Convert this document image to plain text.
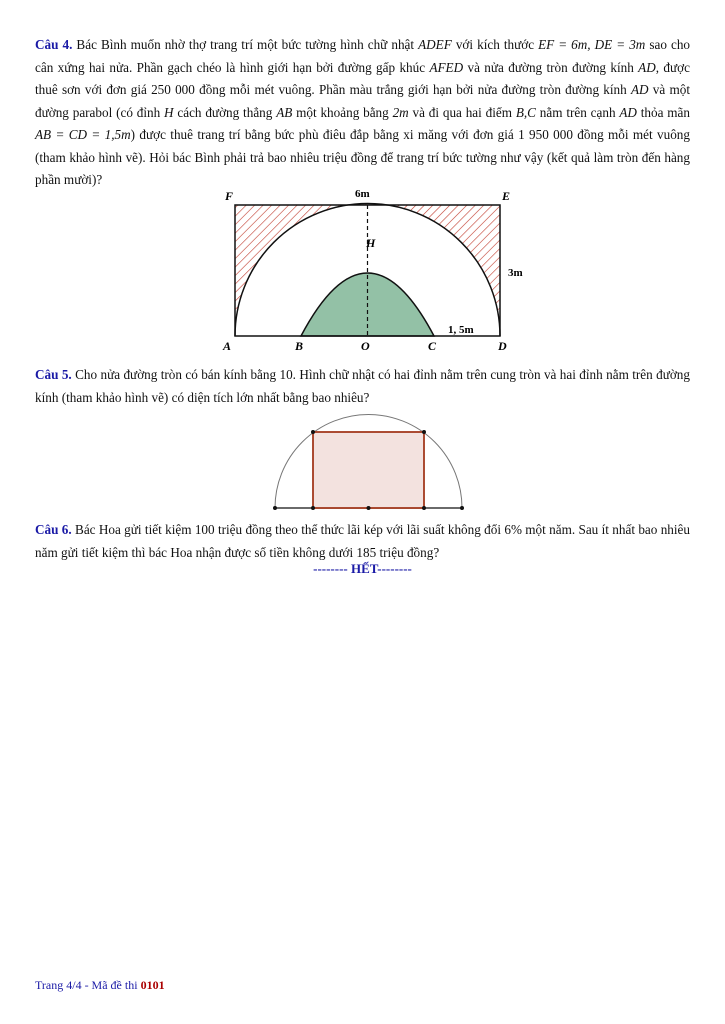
Câu 4. Bác Bình muốn nhờ thợ trang trí một bức tường hình chữ nhật ADEF với kích thước EF = 6m, DE = 3m sao cho cân xứng hai nửa. Phần gạch chéo là hình giới hạn bởi đường gấp khúc AFED và nửa đường tròn đường kính AD, được thuê sơn với đơn giá 250 000 đồng mỗi mét vuông. Phần màu trắng giới hạn bởi nửa đường tròn đường kính AD và một đường parabol (có đỉnh H cách đường thẳng AB một khoảng bằng 2m và đi qua hai điểm B,C nằm trên cạnh AD thỏa mãn AB = CD = 1,5m) được thuê trang trí bằng bức phù điêu đắp bằng xi măng với đơn giá 1 950 000 đồng mỗi mét vuông (tham khảo hình vẽ). Hỏi bác Bình phải trả bao nhiêu triệu đồng để trang trí bức tường như vậy (kết quả làm tròn đến hàng phần mười)?
F	E
6m
3m
H
A	B	O	C	D
1, 5m
Câu 5. Cho nửa đường tròn có bán kính bằng 10. Hình chữ nhật có hai đỉnh nằm trên cung tròn và hai đỉnh nằm trên đường kính (tham khảo hình vẽ) có diện tích lớn nhất bằng bao nhiêu?
Câu 6. Bác Hoa gửi tiết kiệm 100 triệu đồng theo thể thức lãi kép với lãi suất không đổi 6% một năm. Sau ít nhất bao nhiêu năm gửi tiết kiệm thì bác Hoa nhận được số tiền không dưới 185 triệu đồng?
-------- HẾT--------
Trang 4/4 - Mã đề thi 0101
